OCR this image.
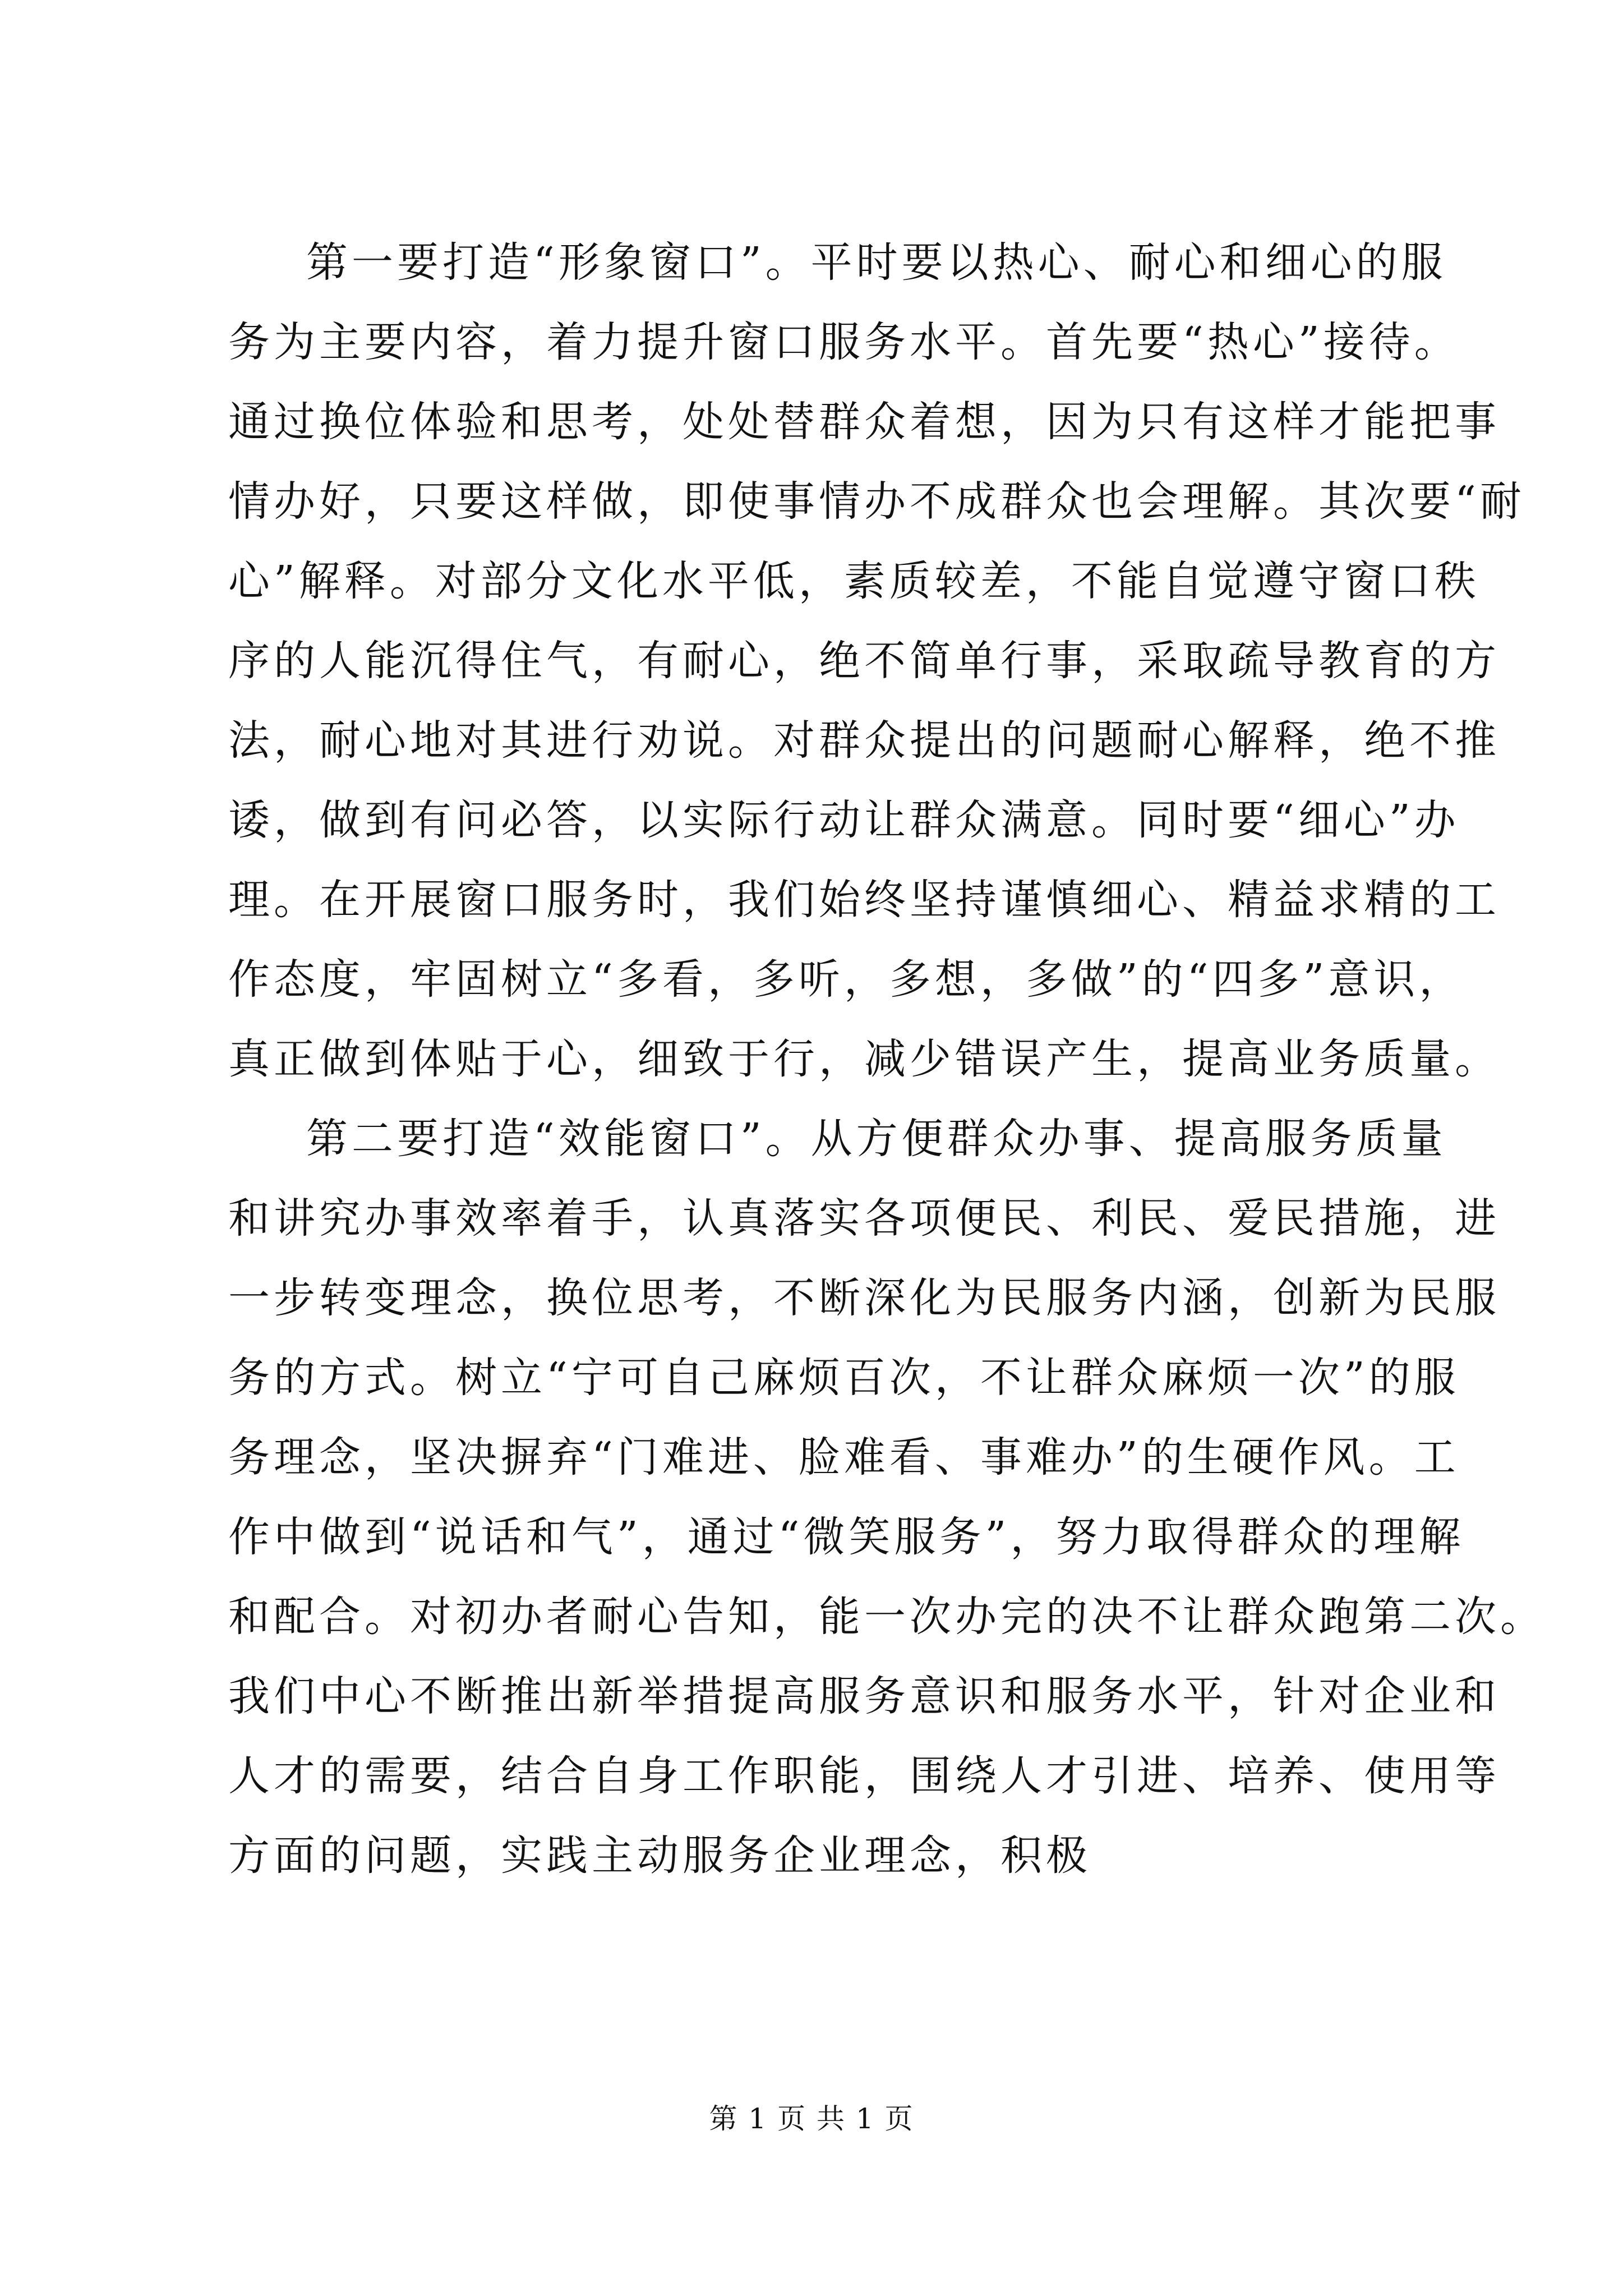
第一要打造“形象窗口”。平时要以热心、耐心和细心的服
务为主要内容，着力提升窗口服务水平。首先要“热心”接待。
通过换位体验和思考，处处替群众着想，因为只有这样才能把事
情办好，只要这样做，即使事情办不成群众也会理解。其次要“耐
心”解释。对部分文化水平低，素质较差，不能自觉遵守窗口秩
序的人能沉得住气，有耐心，绝不简单行事，采取疏导教育的方
法，耐心地对其进行劝说。对群众提出的问题耐心解释，绝不推
诿，做到有问必答，以实际行动让群众满意。同时要“细心”办
理。在开展窗口服务时，我们始终坚持谨慎细心、精益求精的工
作态度，牢固树立“多看，多听，多想，多做”的“四多”意识，
真正做到体贴于心，细致于行，减少错误产生，提高业务质量。
第二要打造“效能窗口”。从方便群众办事、提高服务质量
和讲究办事效率着手，认真落实各项便民、利民、爱民措施，进
一步转变理念，换位思考，不断深化为民服务内涵，创新为民服
务的方式。树立“宁可自己麻烦百次，不让群众麻烦一次”的服
务理念，坚决摒弃“门难进、脸难看、事难办”的生硬作风。工
作中做到“说话和气”，通过“微笑服务”，努力取得群众的理解
和配合。对初办者耐心告知，能一次办完的决不让群众跑第二次。
我们中心不断推出新举措提高服务意识和服务水平，针对企业和
人才的需要，结合自身工作职能，围绕人才引进、培养、使用等
方面的问题，实践主动服务企业理念，积极
第 1 页 共 1 页
